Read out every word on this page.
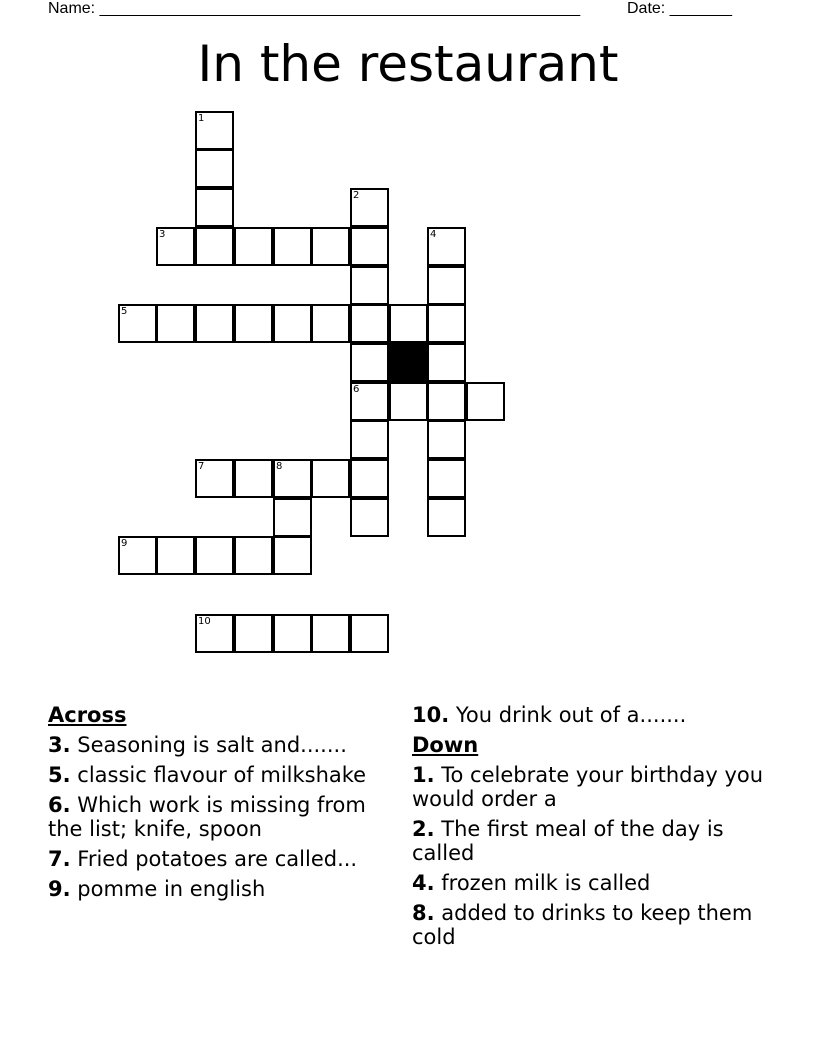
Name: ______________________________________________________	Date: _______
In the restaurant
1
2
3	4
5
6
7	8
9
10
Across
3. Seasoning is salt and.......
5. classic flavour of milkshake
6. Which work is missing from the list; knife, spoon
7. Fried potatoes are called...
9. pomme in english
10. You drink out of a.......
Down
1. To celebrate your birthday you would order a
2. The first meal of the day is called
4. frozen milk is called
8. added to drinks to keep them cold
